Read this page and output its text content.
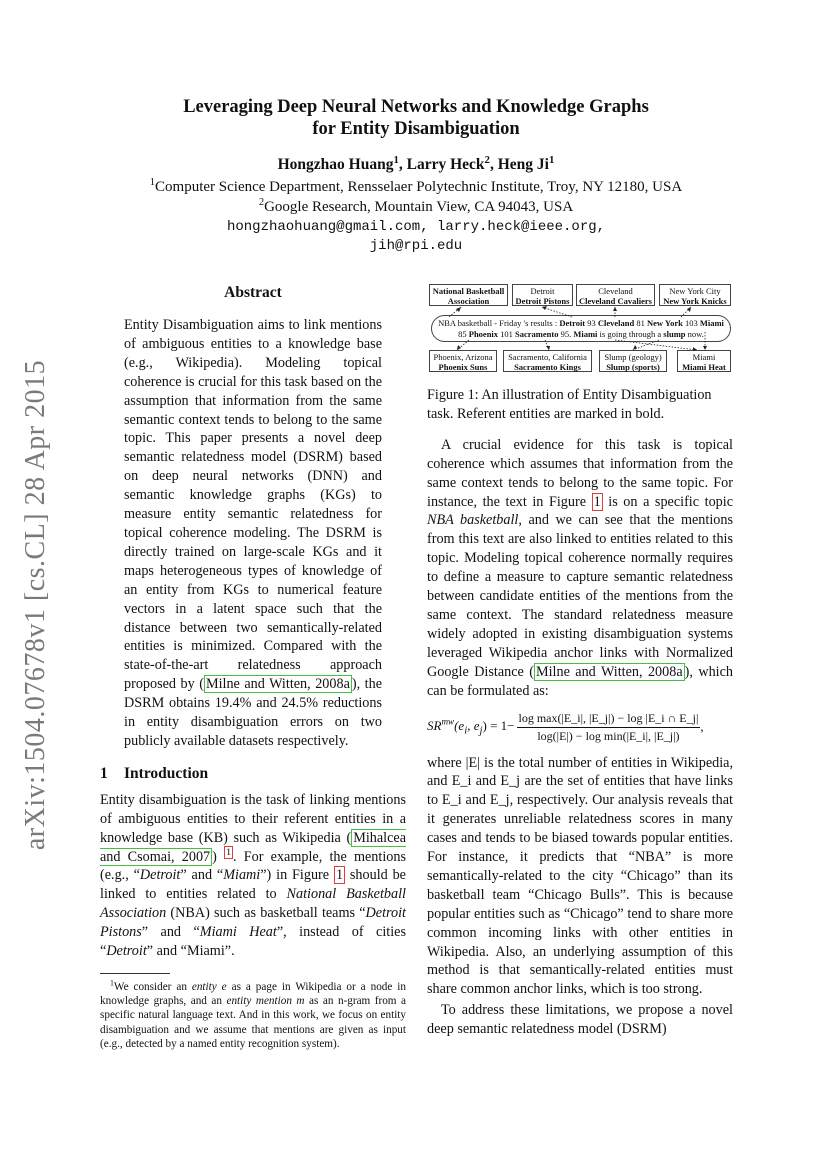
arXiv:1504.07678v1 [cs.CL] 28 Apr 2015
Leveraging Deep Neural Networks and Knowledge Graphs
for Entity Disambiguation
Hongzhao Huang$^1$, Larry Heck$^2$, Heng Ji$^1$
$^1$Computer Science Department, Rensselaer Polytechnic Institute, Troy, NY 12180, USA
$^2$Google Research, Mountain View, CA 94043, USA
hongzhaohuang@gmail.com, larry.heck@ieee.org,
jih@rpi.edu
Abstract

Entity Disambiguation aims to link mentions of ambiguous entities to a knowledge base (e.g., Wikipedia). Modeling topical coherence is crucial for this task based on the assumption that information from the same semantic context tends to belong to the same topic. This paper presents a novel deep semantic relatedness model (DSRM) based on deep neural networks (DNN) and semantic knowledge graphs (KGs) to measure entity semantic relatedness for topical coherence modeling. The DSRM is directly trained on large-scale KGs and it maps heterogeneous types of knowledge of an entity from KGs to numerical feature vectors in a latent space such that the distance between two semantically-related entities is minimized. Compared with the state-of-the-art relatedness approach proposed by ( Milne and Witten, 2008a ), the DSRM obtains 19.4% and 24.5% reductions in entity disambiguation errors on two publicly available datasets respectively.

1 Introduction

Entity disambiguation is the task of linking mentions of ambiguous entities to their referent entities in a knowledge base (KB) such as Wikipedia ( Mihalcea and Csomai, 2007 ) $^1$ . For example, the mentions (e.g., “Detroit” and “Miami”) in Figure 1 should be linked to entities related to National Basketball Association (NBA) such as basketball teams “Detroit Pistons” and “Miami Heat”, instead of cities “Detroit” and “Miami”.

$^1$We consider an entity e as a page in Wikipedia or a node in knowledge graphs, and an entity mention m as an n-gram from a specific natural language text. And in this work, we focus on entity disambiguation and we assume that mentions are given as input (e.g., detected by a named entity recognition system).

National Basketball
Association
Detroit
Detroit Pistons
Cleveland
Cleveland Cavaliers
New York City
New York Knicks
NBA basketball - Friday 's results : Detroit 93 Cleveland 81 New York 103 Miami
85 Phoenix 101 Sacramento 95. Miami is going through a slump now.
Phoenix, Arizona
Phoenix Suns
Sacramento, California
Sacramento Kings
Slump (geology)
Slump (sports)
Miami
Miami Heat

Figure 1: An illustration of Entity Disambiguation task. Referent entities are marked in bold.

A crucial evidence for this task is topical coherence which assumes that information from the same context tends to belong to the same topic. For instance, the text in Figure 1 is on a specific topic NBA basketball, and we can see that the mentions from this text are also linked to entities related to this topic. Modeling topical coherence normally requires to define a measure to capture semantic relatedness between candidate entities of the mentions from the same context. The standard relatedness measure widely adopted in existing disambiguation systems leveraged Wikipedia anchor links with Normalized Google Distance ( Milne and Witten, 2008a ), which can be formulated as:

$SR^{mw}(e_i$, $e_j) = 1- \frac{\text{log max(|E\_i|, |E\_j|) − log |E\_i ∩ E\_j|}}{\text{log(|E|) − log min(|E\_i|, |E\_j|)}}$ ,

where |E| is the total number of entities in Wikipedia, and E_i and E_j are the set of entities that have links to E_i and E_j, respectively. Our analysis reveals that it generates unreliable relatedness scores in many cases and tends to be biased towards popular entities. For instance, it predicts that “NBA” is more semantically-related to the city “Chicago” than its basketball team “Chicago Bulls”. This is because popular entities such as “Chicago” tend to share more common incoming links with other entities in Wikipedia. Also, an underlying assumption of this method is that semantically-related entities must share common anchor links, which is too strong.

To address these limitations, we propose a novel deep semantic relatedness model (DSRM)
